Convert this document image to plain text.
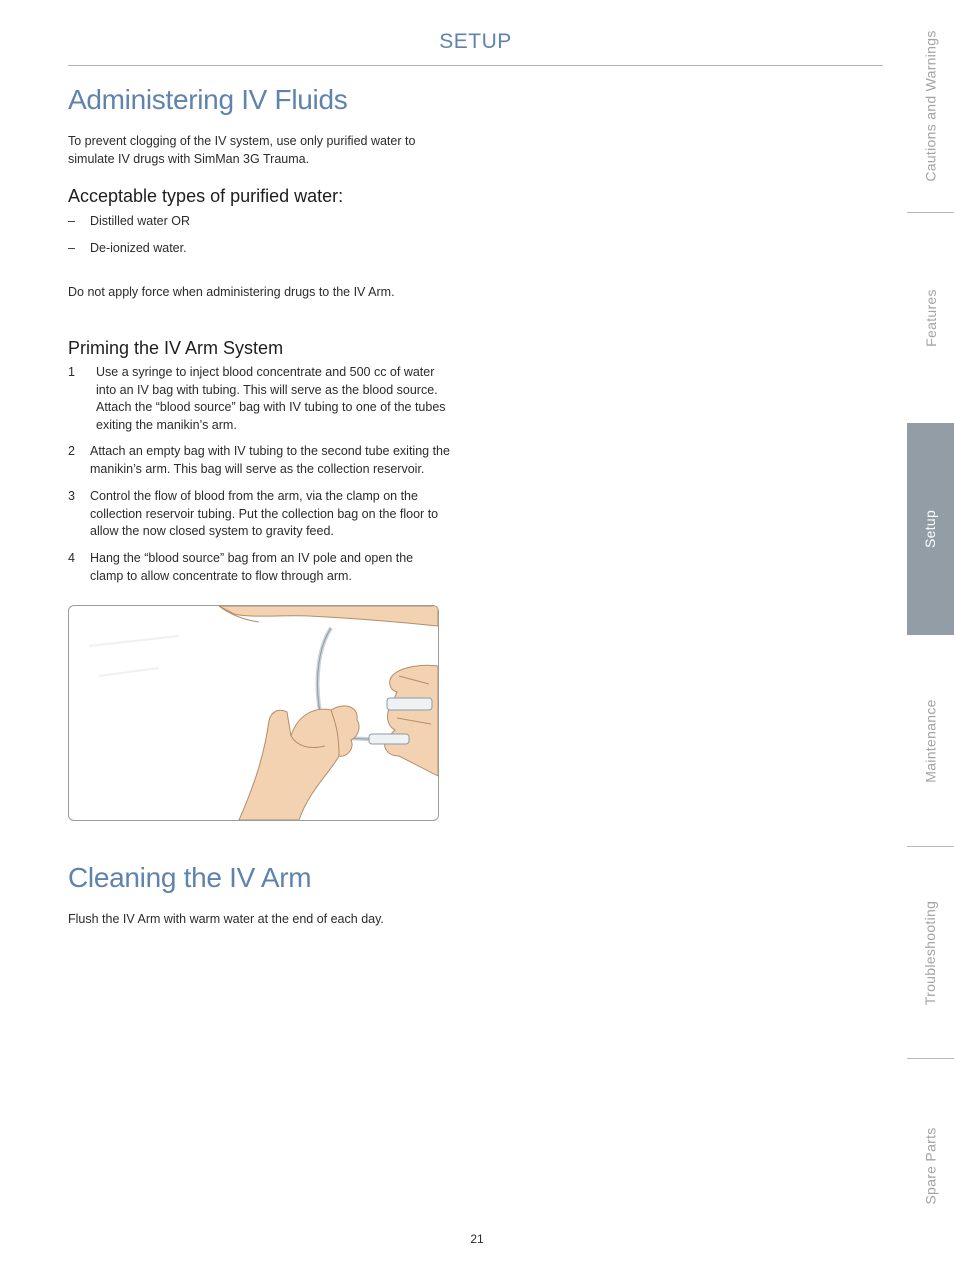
SETUP
Administering IV Fluids

To prevent clogging of the IV system, use only purified water to simulate IV drugs with SimMan 3G Trauma.

Acceptable types of purified water:
– Distilled water OR
– De-ionized water.

Do not apply force when administering drugs to the IV Arm.

Priming the IV Arm System
1 Use a syringe to inject blood concentrate and 500 cc of water into an IV bag with tubing. This will serve as the blood source. Attach the “blood source” bag with IV tubing to one of the tubes exiting the manikin’s arm.
2 Attach an empty bag with IV tubing to the second tube exiting the manikin’s arm. This bag will serve as the collection reservoir.
3 Control the flow of blood from the arm, via the clamp on the collection reservoir tubing. Put the collection bag on the floor to allow the now closed system to gravity feed.
4 Hang the “blood source” bag from an IV pole and open the clamp to allow concentrate to flow through arm.
Cleaning the IV Arm

Flush the IV Arm with warm water at the end of each day.

Cautions and Warnings
Features
Setup
Maintenance
Troubleshooting
Spare Parts
21
